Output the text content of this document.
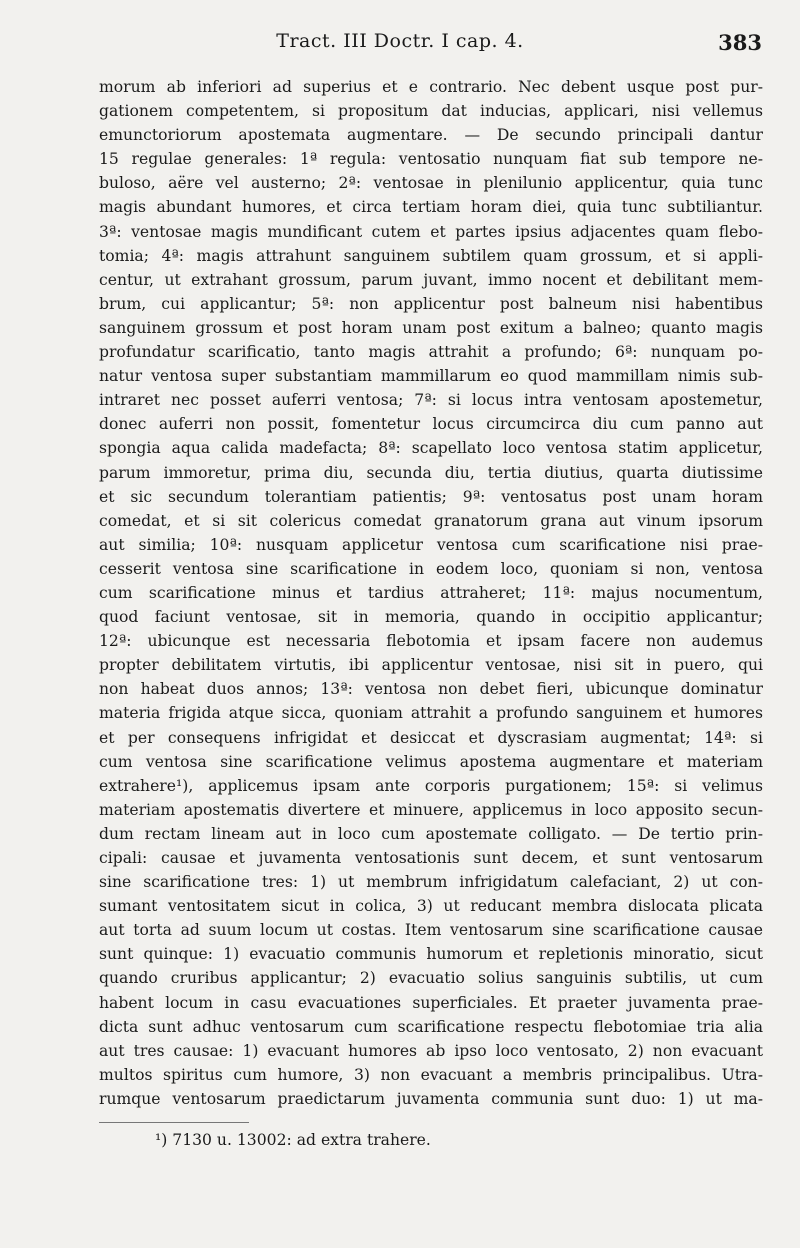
Tract. III Doctr. I cap. 4.	383
morum ab inferiori ad superius et e contrario. Nec debent usque post pur-
gationem competentem, si propositum dat inducias, applicari, nisi vellemus
emunctoriorum apostemata augmentare. — De secundo principali dantur
15 regulae generales: 1ª regula: ventosatio nunquam fiat sub tempore ne-
buloso, aëre vel austerno; 2ª: ventosae in plenilunio applicentur, quia tunc
magis abundant humores, et circa tertiam horam diei, quia tunc subtiliantur.
3ª: ventosae magis mundificant cutem et partes ipsius adjacentes quam flebo-
tomia; 4ª: magis attrahunt sanguinem subtilem quam grossum, et si appli-
centur, ut extrahant grossum, parum juvant, immo nocent et debilitant mem-
brum, cui applicantur; 5ª: non applicentur post balneum nisi habentibus
sanguinem grossum et post horam unam post exitum a balneo; quanto magis
profundatur scarificatio, tanto magis attrahit a profundo; 6ª: nunquam po-
natur ventosa super substantiam mammillarum eo quod mammillam nimis sub-
intraret nec posset auferri ventosa; 7ª: si locus intra ventosam apostemetur,
donec auferri non possit, fomentetur locus circumcirca diu cum panno aut
spongia aqua calida madefacta; 8ª: scapellato loco ventosa statim applicetur,
parum immoretur, prima diu, secunda diu, tertia diutius, quarta diutissime
et sic secundum tolerantiam patientis; 9ª: ventosatus post unam horam
comedat, et si sit colericus comedat granatorum grana aut vinum ipsorum
aut similia; 10ª: nusquam applicetur ventosa cum scarificatione nisi prae-
cesserit ventosa sine scarificatione in eodem loco, quoniam si non, ventosa
cum scarificatione minus et tardius attraheret; 11ª: majus nocumentum,
quod faciunt ventosae, sit in memoria, quando in occipitio applicantur;
12ª: ubicunque est necessaria flebotomia et ipsam facere non audemus
propter debilitatem virtutis, ibi applicentur ventosae, nisi sit in puero, qui
non habeat duos annos; 13ª: ventosa non debet fieri, ubicunque dominatur
materia frigida atque sicca, quoniam attrahit a profundo sanguinem et humores
et per consequens infrigidat et desiccat et dyscrasiam augmentat; 14ª: si
cum ventosa sine scarificatione velimus apostema augmentare et materiam
extrahere¹), applicemus ipsam ante corporis purgationem; 15ª: si velimus
materiam apostematis divertere et minuere, applicemus in loco apposito secun-
dum rectam lineam aut in loco cum apostemate colligato. — De tertio prin-
cipali: causae et juvamenta ventosationis sunt decem, et sunt ventosarum
sine scarificatione tres: 1) ut membrum infrigidatum calefaciant, 2) ut con-
sumant ventositatem sicut in colica, 3) ut reducant membra dislocata plicata
aut torta ad suum locum ut costas. Item ventosarum sine scarificatione causae
sunt quinque: 1) evacuatio communis humorum et repletionis minoratio, sicut
quando cruribus applicantur; 2) evacuatio solius sanguinis subtilis, ut cum
habent locum in casu evacuationes superficiales. Et praeter juvamenta prae-
dicta sunt adhuc ventosarum cum scarificatione respectu flebotomiae tria alia
aut tres causae: 1) evacuant humores ab ipso loco ventosato, 2) non evacuant
multos spiritus cum humore, 3) non evacuant a membris principalibus. Utra-
rumque ventosarum praedictarum juvamenta communia sunt duo: 1) ut ma-
¹) 7130 u. 13002: ad extra trahere.
